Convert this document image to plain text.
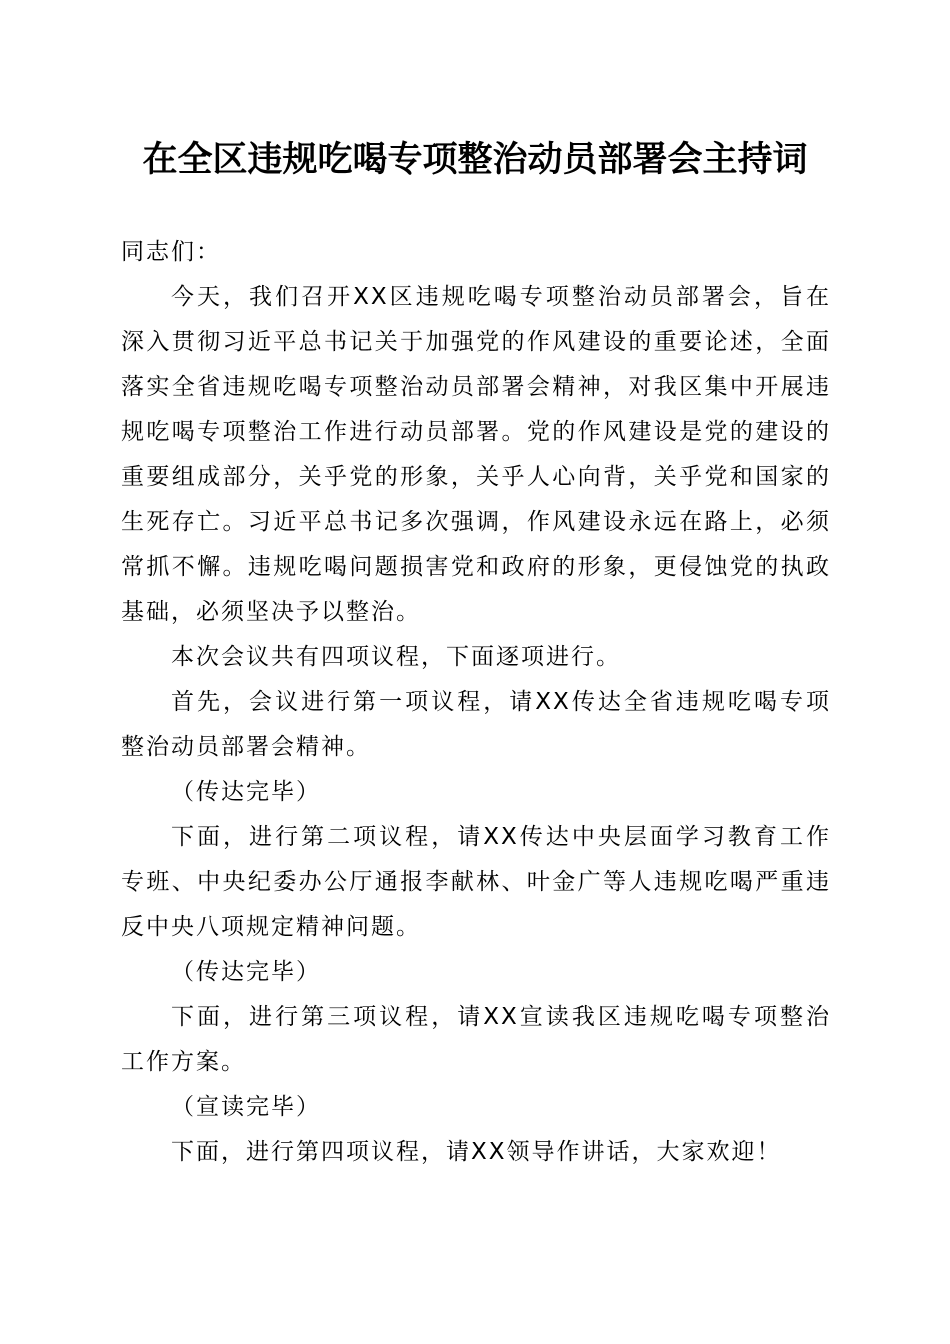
在全区违规吃喝专项整治动员部署会主持词

同志们：

今天，我们召开XX区违规吃喝专项整治动员部署会，旨在深入贯彻习近平总书记关于加强党的作风建设的重要论述，全面落实全省违规吃喝专项整治动员部署会精神，对我区集中开展违规吃喝专项整治工作进行动员部署。党的作风建设是党的建设的重要组成部分，关乎党的形象，关乎人心向背，关乎党和国家的生死存亡。习近平总书记多次强调，作风建设永远在路上，必须常抓不懈。违规吃喝问题损害党和政府的形象，更侵蚀党的执政基础，必须坚决予以整治。

本次会议共有四项议程，下面逐项进行。

首先，会议进行第一项议程，请XX传达全省违规吃喝专项整治动员部署会精神。

（传达完毕）

下面，进行第二项议程，请XX传达中央层面学习教育工作专班、中央纪委办公厅通报李献林、叶金广等人违规吃喝严重违反中央八项规定精神问题。

（传达完毕）

下面，进行第三项议程，请XX宣读我区违规吃喝专项整治工作方案。

（宣读完毕）

下面，进行第四项议程，请XX领导作讲话，大家欢迎！
